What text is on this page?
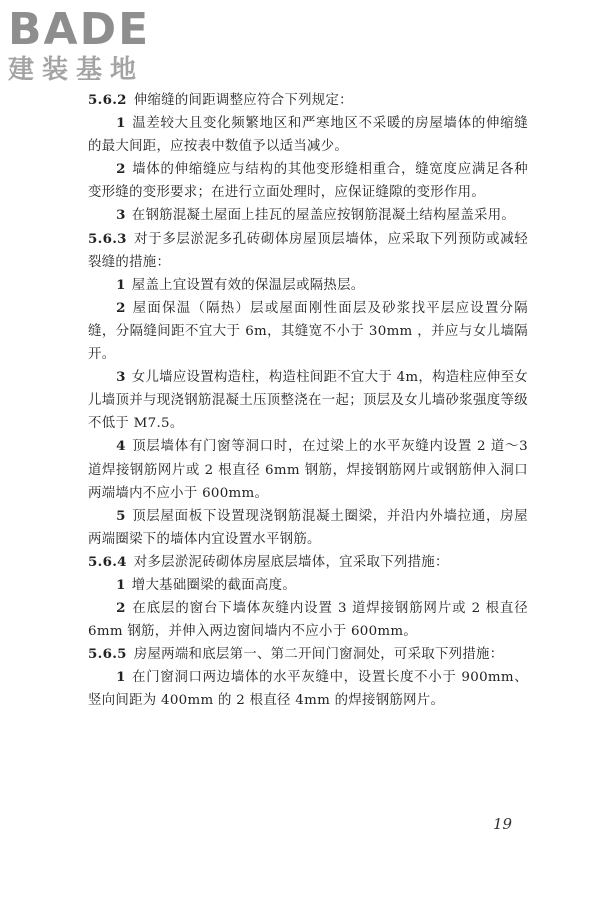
BADE
建装基地

5.6.2 伸缩缝的间距调整应符合下列规定：

1 温差较大且变化频繁地区和严寒地区不采暖的房屋墙体的伸缩缝的最大间距，应按表中数值予以适当减少。

2 墙体的伸缩缝应与结构的其他变形缝相重合，缝宽度应满足各种变形缝的变形要求；在进行立面处理时，应保证缝隙的变形作用。

3 在钢筋混凝土屋面上挂瓦的屋盖应按钢筋混凝土结构屋盖采用。

5.6.3 对于多层淤泥多孔砖砌体房屋顶层墙体，应采取下列预防或减轻裂缝的措施：

1 屋盖上宜设置有效的保温层或隔热层。

2 屋面保温（隔热）层或屋面刚性面层及砂浆找平层应设置分隔缝，分隔缝间距不宜大于 6m，其缝宽不小于 30mm ，并应与女儿墙隔开。

3 女儿墙应设置构造柱，构造柱间距不宜大于 4m，构造柱应伸至女儿墙顶并与现浇钢筋混凝土压顶整浇在一起；顶层及女儿墙砂浆强度等级不低于 M7.5。

4 顶层墙体有门窗等洞口时，在过梁上的水平灰缝内设置 2 道～3 道焊接钢筋网片或 2 根直径 6mm 钢筋，焊接钢筋网片或钢筋伸入洞口两端墙内不应小于 600mm。

5 顶层屋面板下设置现浇钢筋混凝土圈梁，并沿内外墙拉通，房屋两端圈梁下的墙体内宜设置水平钢筋。

5.6.4 对多层淤泥砖砌体房屋底层墙体，宜采取下列措施：

1 增大基础圈梁的截面高度。

2 在底层的窗台下墙体灰缝内设置 3 道焊接钢筋网片或 2 根直径 6mm 钢筋，并伸入两边窗间墙内不应小于 600mm。

5.6.5 房屋两端和底层第一、第二开间门窗洞处，可采取下列措施：

1 在门窗洞口两边墙体的水平灰缝中，设置长度不小于 900mm、竖向间距为 400mm 的 2 根直径 4mm 的焊接钢筋网片。

19
